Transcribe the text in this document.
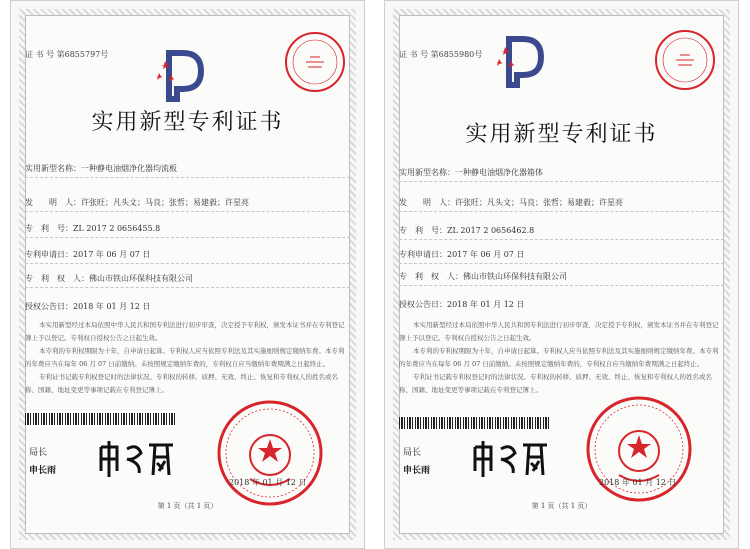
证 书 号 第6855797号
实用新型专利证书
实用新型名称：一种静电油烟净化器均流板
发　　明　人：许张旺；凡头文；马良；张哲；易建毅；许星亮
专　利　号：ZL 2017 2 0656455.8
专利申请日：2017 年 06 月 07 日
专　利　权　人：佛山市铁山环保科技有限公司
授权公告日：2018 年 01 月 12 日
本实用新型经过本局依照中华人民共和国专利法进行初步审查，决定授予专利权，颁发本证书并在专利登记簿上予以登记。专利权自授权公告之日起生效。
本专利的专利权期限为十年，自申请日起算。专利权人应当依照专利法及其实施细则规定缴纳年费。本专利的年费应当在每年 06 月 07 日前缴纳。未按照规定缴纳年费的，专利权自应当缴纳年费期满之日起终止。
专利证书记载专利权登记时的法律状况。专利权的转移、质押、无效、终止、恢复和专利权人的姓名或名称、国籍、地址变更等事项记载在专利登记簿上。
局长
申长雨
2018 年 01 月 12 日
第 1 页（共 1 页）
证 书 号 第6855980号
实用新型专利证书
实用新型名称：一种静电油烟净化器箱体
发　　明　人：许张旺；凡头文；马良；张哲；易建毅；许星亮
专　利　号：ZL 2017 2 0656462.8
专利申请日：2017 年 06 月 07 日
专　利　权　人：佛山市铁山环保科技有限公司
授权公告日：2018 年 01 月 12 日
本实用新型经过本局依照中华人民共和国专利法进行初步审查，决定授予专利权，颁发本证书并在专利登记簿上予以登记。专利权自授权公告之日起生效。
本专利的专利权期限为十年，自申请日起算。专利权人应当依照专利法及其实施细则规定缴纳年费。本专利的年费应当在每年 06 月 07 日前缴纳。未按照规定缴纳年费的，专利权自应当缴纳年费期满之日起终止。
专利证书记载专利权登记时的法律状况。专利权的转移、质押、无效、终止、恢复和专利权人的姓名或名称、国籍、地址变更等事项记载在专利登记簿上。
局长
申长雨
2018 年 01 月 12 日
第 1 页（共 1 页）
